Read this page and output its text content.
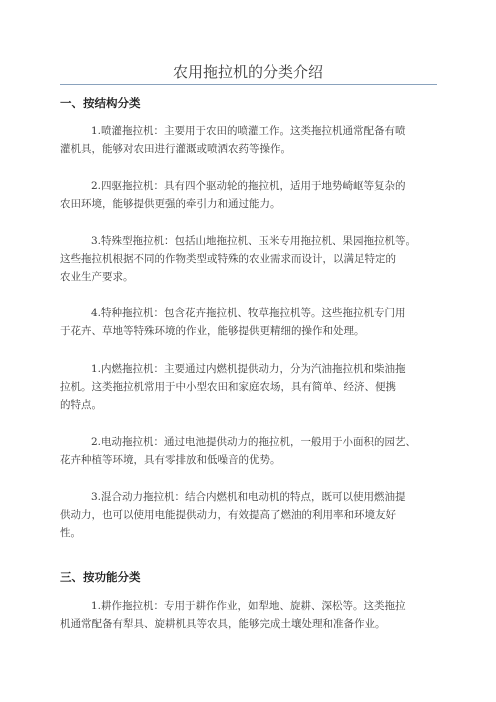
农用拖拉机的分类介绍
一、按结构分类
1.喷灌拖拉机：主要用于农田的喷灌工作。这类拖拉机通常配备有喷
灌机具，能够对农田进行灌溉或喷洒农药等操作。
2.四驱拖拉机：具有四个驱动轮的拖拉机，适用于地势崎岖等复杂的
农田环境，能够提供更强的牵引力和通过能力。
3.特殊型拖拉机：包括山地拖拉机、玉米专用拖拉机、果园拖拉机等。
这些拖拉机根据不同的作物类型或特殊的农业需求而设计，以满足特定的
农业生产要求。
4.特种拖拉机：包含花卉拖拉机、牧草拖拉机等。这些拖拉机专门用
于花卉、草地等特殊环境的作业，能够提供更精细的操作和处理。
1.内燃拖拉机：主要通过内燃机提供动力，分为汽油拖拉机和柴油拖
拉机。这类拖拉机常用于中小型农田和家庭农场，具有简单、经济、便携
的特点。
2.电动拖拉机：通过电池提供动力的拖拉机，一般用于小面积的园艺、
花卉种植等环境，具有零排放和低噪音的优势。
3.混合动力拖拉机：结合内燃机和电动机的特点，既可以使用燃油提
供动力，也可以使用电能提供动力，有效提高了燃油的利用率和环境友好
性。
三、按功能分类
1.耕作拖拉机：专用于耕作作业，如犁地、旋耕、深松等。这类拖拉
机通常配备有犁具、旋耕机具等农具，能够完成土壤处理和准备作业。
